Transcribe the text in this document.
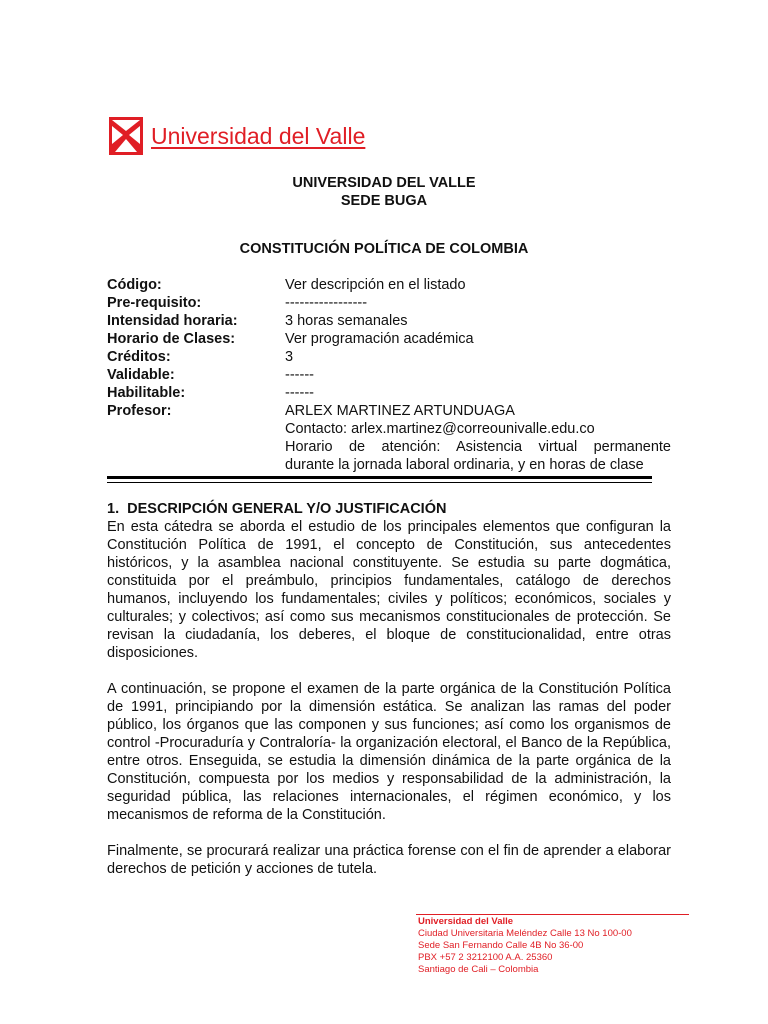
Universidad del Valle
UNIVERSIDAD DEL VALLE
SEDE BUGA
CONSTITUCIÓN POLÍTICA DE COLOMBIA
Código:	Ver descripción en el listado
Pre-requisito:	-----------------
Intensidad horaria:	3 horas semanales
Horario de Clases:	Ver programación académica
Créditos:	3
Validable:	------
Habilitable:	------
Profesor:	ARLEX MARTINEZ ARTUNDUAGA
Contacto: arlex.martinez@correounivalle.edu.co
Horario de atención: Asistencia virtual permanente
durante la jornada laboral ordinaria, y en horas de clase
1.  DESCRIPCIÓN GENERAL Y/O JUSTIFICACIÓN

En esta cátedra se aborda el estudio de los principales elementos que configuran la Constitución Política de 1991, el concepto de Constitución, sus antecedentes históricos, y la asamblea nacional constituyente. Se estudia su parte dogmática, constituida por el preámbulo, principios fundamentales, catálogo de derechos humanos, incluyendo los fundamentales; civiles y políticos; económicos, sociales y culturales; y colectivos; así como sus mecanismos constitucionales de protección. Se revisan la ciudadanía, los deberes, el bloque de constitucionalidad, entre otras disposiciones.

A continuación, se propone el examen de la parte orgánica de la Constitución Política de 1991, principiando por la dimensión estática. Se analizan las ramas del poder público, los órganos que las componen y sus funciones; así como los organismos de control -Procuraduría y Contraloría- la organización electoral, el Banco de la República, entre otros. Enseguida, se estudia la dimensión dinámica de la parte orgánica de la Constitución, compuesta por los medios y responsabilidad de la administración, la seguridad pública, las relaciones internacionales, el régimen económico, y los mecanismos de reforma de la Constitución.

Finalmente, se procurará realizar una práctica forense con el fin de aprender a elaborar derechos de petición y acciones de tutela.

Universidad del Valle
Ciudad Universitaria Meléndez Calle 13 No 100-00
Sede San Fernando Calle 4B No 36-00
PBX +57 2 3212100 A.A. 25360
Santiago de Cali – Colombia
